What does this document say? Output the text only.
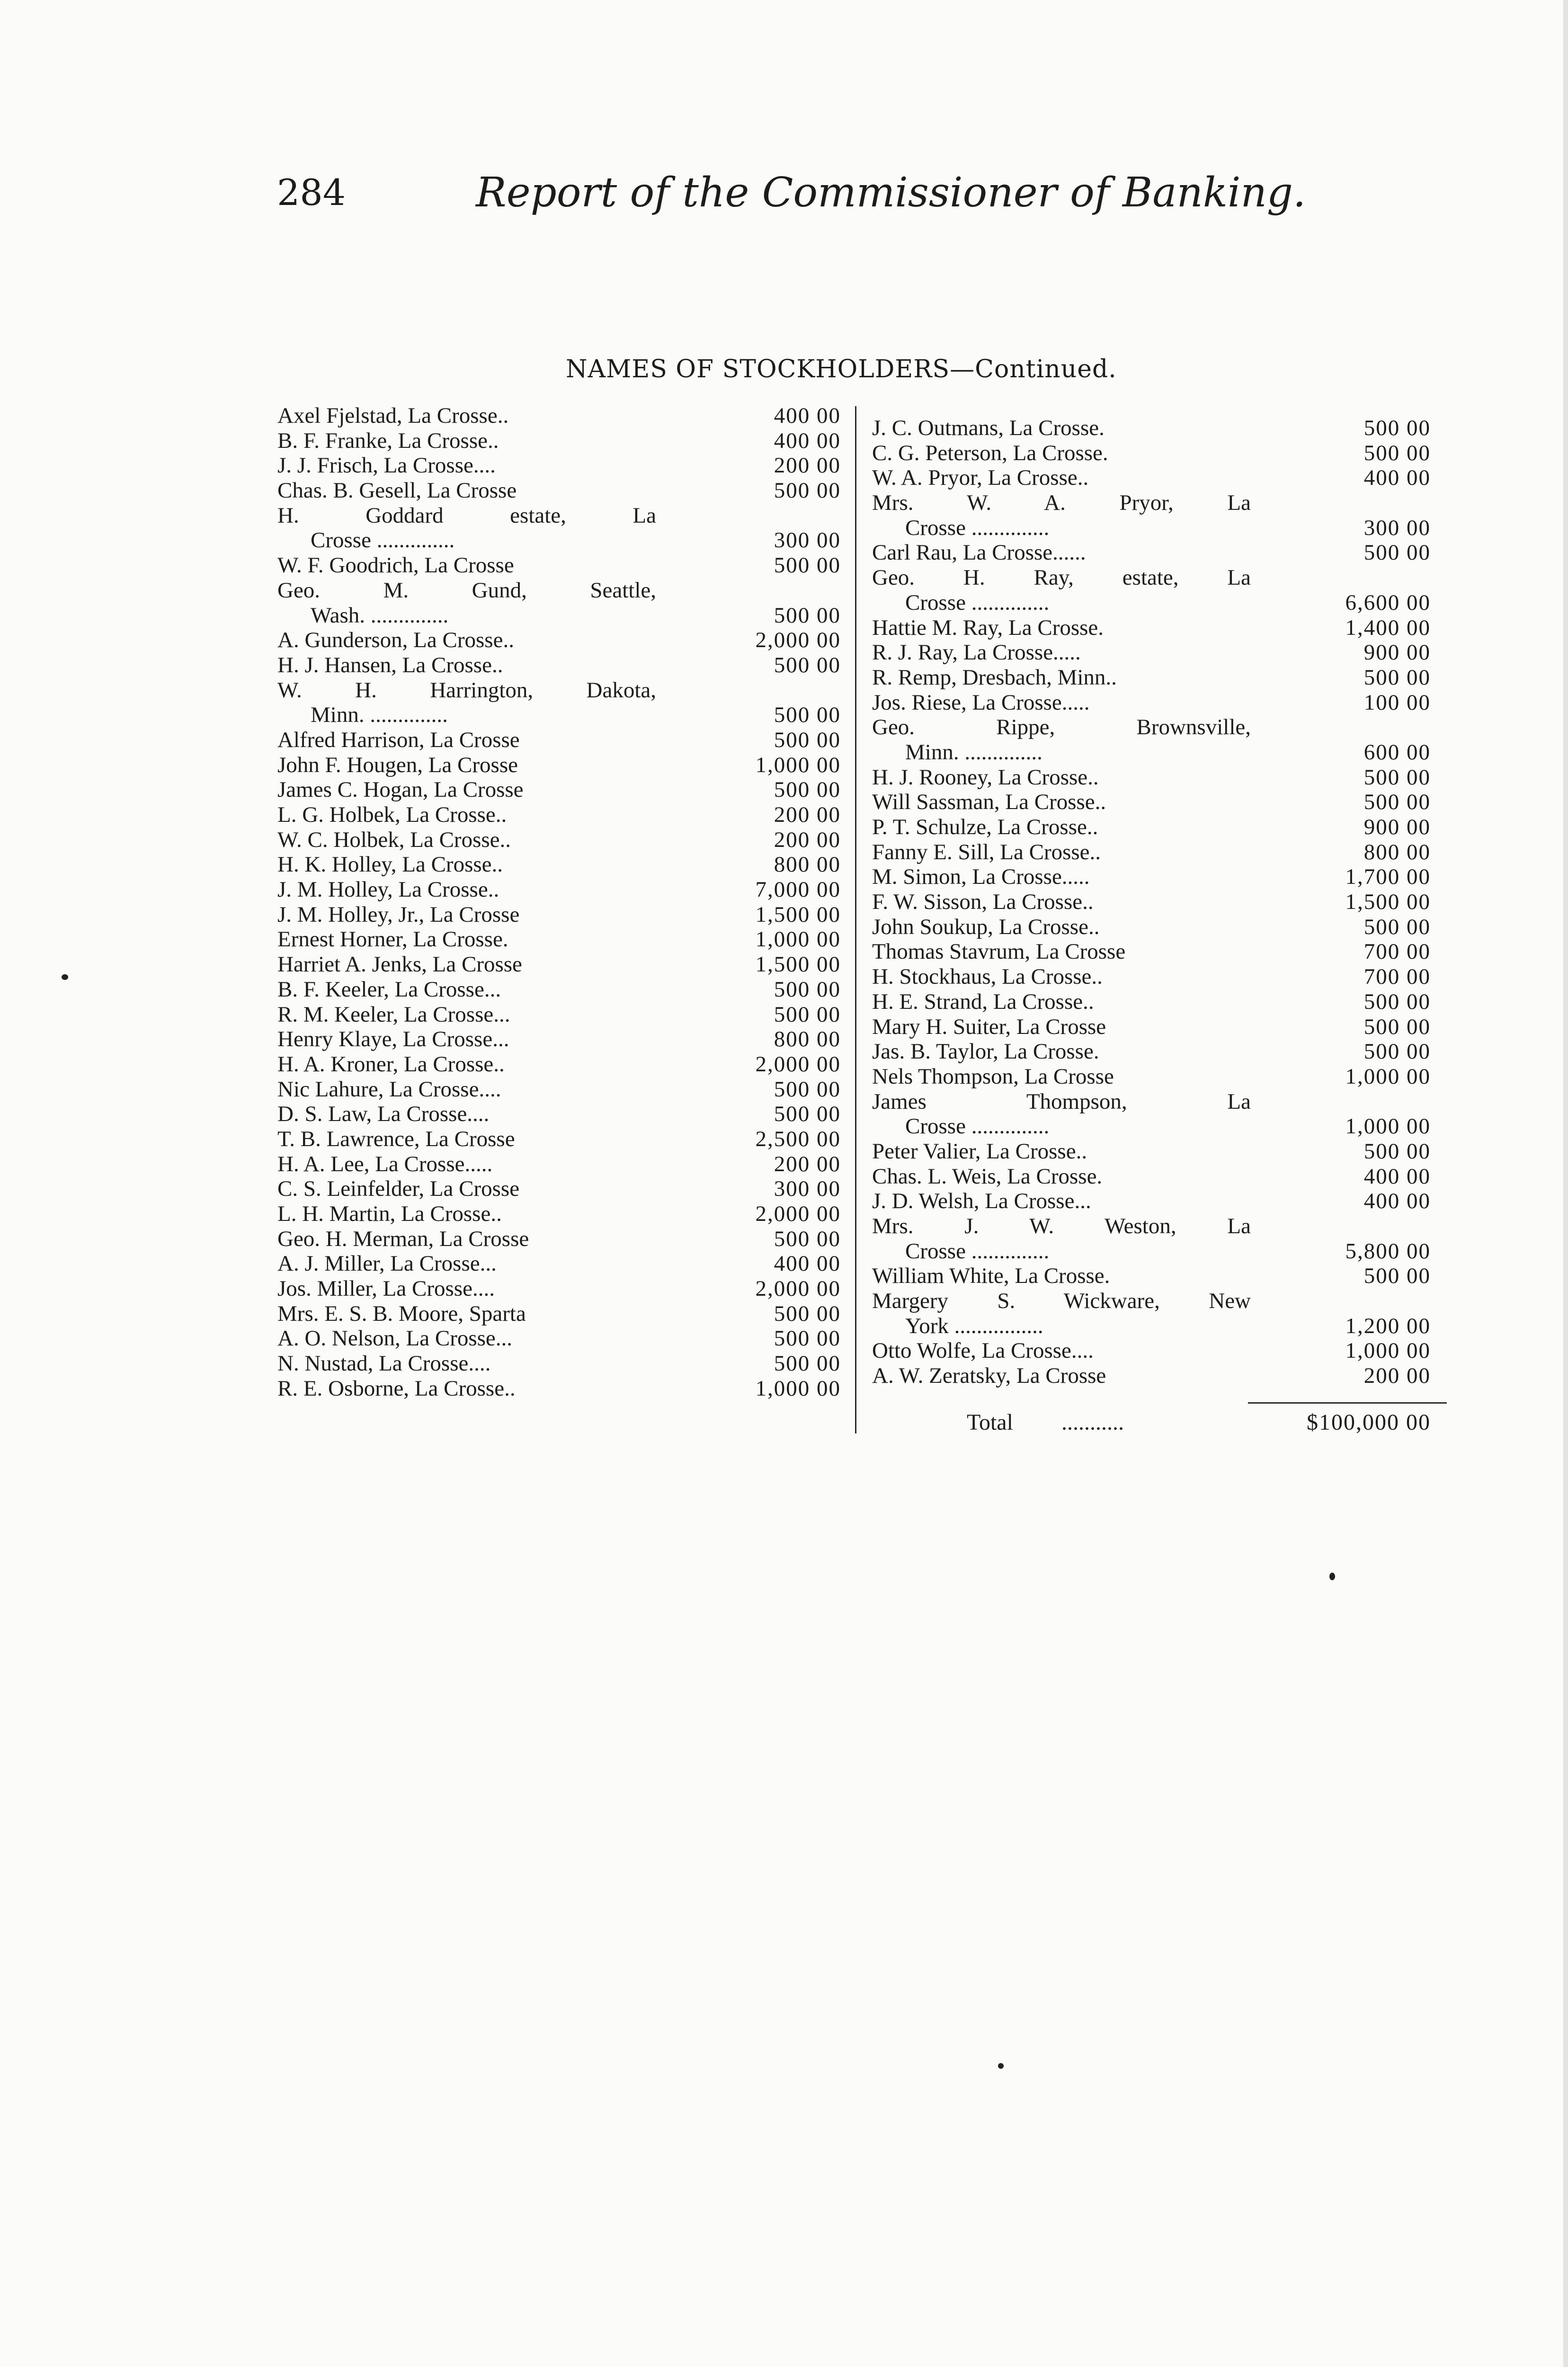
284	Report of the Commissioner of Banking.
NAMES OF STOCKHOLDERS—Continued.
Axel Fjelstad, La Crosse..	400 00
B. F. Franke, La Crosse..	400 00
J. J. Frisch, La Crosse....	200 00
Chas. B. Gesell, La Crosse	500 00
H. Goddard estate, La
Crosse ..............	300 00
W. F. Goodrich, La Crosse	500 00
Geo. M. Gund, Seattle,
Wash. ..............	500 00
A. Gunderson, La Crosse..	2,000 00
H. J. Hansen, La Crosse..	500 00
W. H. Harrington, Dakota,
Minn. ..............	500 00
Alfred Harrison, La Crosse	500 00
John F. Hougen, La Crosse	1,000 00
James C. Hogan, La Crosse	500 00
L. G. Holbek, La Crosse..	200 00
W. C. Holbek, La Crosse..	200 00
H. K. Holley, La Crosse..	800 00
J. M. Holley, La Crosse..	7,000 00
J. M. Holley, Jr., La Crosse	1,500 00
Ernest Horner, La Crosse.	1,000 00
Harriet A. Jenks, La Crosse	1,500 00
B. F. Keeler, La Crosse...	500 00
R. M. Keeler, La Crosse...	500 00
Henry Klaye, La Crosse...	800 00
H. A. Kroner, La Crosse..	2,000 00
Nic Lahure, La Crosse....	500 00
D. S. Law, La Crosse....	500 00
T. B. Lawrence, La Crosse	2,500 00
H. A. Lee, La Crosse.....	200 00
C. S. Leinfelder, La Crosse	300 00
L. H. Martin, La Crosse..	2,000 00
Geo. H. Merman, La Crosse	500 00
A. J. Miller, La Crosse...	400 00
Jos. Miller, La Crosse....	2,000 00
Mrs. E. S. B. Moore, Sparta	500 00
A. O. Nelson, La Crosse...	500 00
N. Nustad, La Crosse....	500 00
R. E. Osborne, La Crosse..	1,000 00
J. C. Outmans, La Crosse.	500 00
C. G. Peterson, La Crosse.	500 00
W. A. Pryor, La Crosse..	400 00
Mrs. W. A. Pryor, La
Crosse ..............	300 00
Carl Rau, La Crosse......	500 00
Geo. H. Ray, estate, La
Crosse ..............	6,600 00
Hattie M. Ray, La Crosse.	1,400 00
R. J. Ray, La Crosse.....	900 00
R. Remp, Dresbach, Minn..	500 00
Jos. Riese, La Crosse.....	100 00
Geo. Rippe, Brownsville,
Minn. ..............	600 00
H. J. Rooney, La Crosse..	500 00
Will Sassman, La Crosse..	500 00
P. T. Schulze, La Crosse..	900 00
Fanny E. Sill, La Crosse..	800 00
M. Simon, La Crosse.....	1,700 00
F. W. Sisson, La Crosse..	1,500 00
John Soukup, La Crosse..	500 00
Thomas Stavrum, La Crosse	700 00
H. Stockhaus, La Crosse..	700 00
H. E. Strand, La Crosse..	500 00
Mary H. Suiter, La Crosse	500 00
Jas. B. Taylor, La Crosse.	500 00
Nels Thompson, La Crosse	1,000 00
James Thompson, La
Crosse ..............	1,000 00
Peter Valier, La Crosse..	500 00
Chas. L. Weis, La Crosse.	400 00
J. D. Welsh, La Crosse...	400 00
Mrs. J. W. Weston, La
Crosse ..............	5,800 00
William White, La Crosse.	500 00
Margery S. Wickware, New
York ................	1,200 00
Otto Wolfe, La Crosse....	1,000 00
A. W. Zeratsky, La Crosse	200 00
Total ...........	$100,000 00
